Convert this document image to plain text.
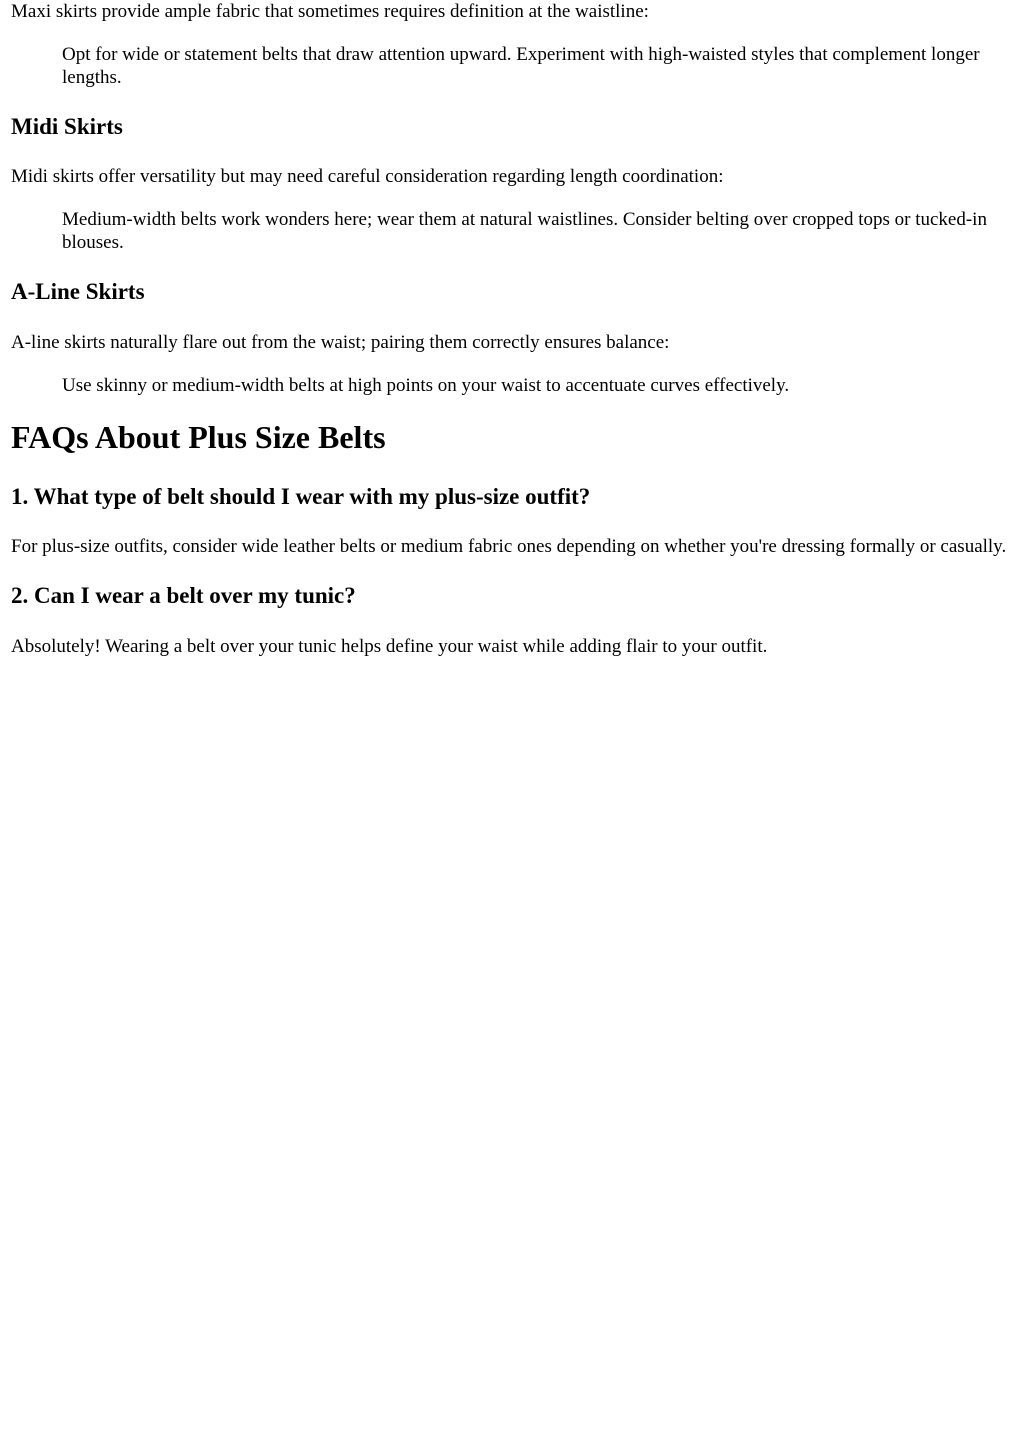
Maxi skirts provide ample fabric that sometimes requires definition at the waistline:

Opt for wide or statement belts that draw attention upward. Experiment with high-waisted styles that complement longer lengths.
Midi Skirts

Midi skirts offer versatility but may need careful consideration regarding length coordination:

Medium-width belts work wonders here; wear them at natural waistlines. Consider belting over cropped tops or tucked-in blouses.
A-Line Skirts

A-line skirts naturally flare out from the waist; pairing them correctly ensures balance:

Use skinny or medium-width belts at high points on your waist to accentuate curves effectively.
FAQs About Plus Size Belts
1. What type of belt should I wear with my plus-size outfit?

For plus-size outfits, consider wide leather belts or medium fabric ones depending on whether you're dressing formally or casually.

2. Can I wear a belt over my tunic?

Absolutely! Wearing a belt over your tunic helps define your waist while adding flair to your outfit.
